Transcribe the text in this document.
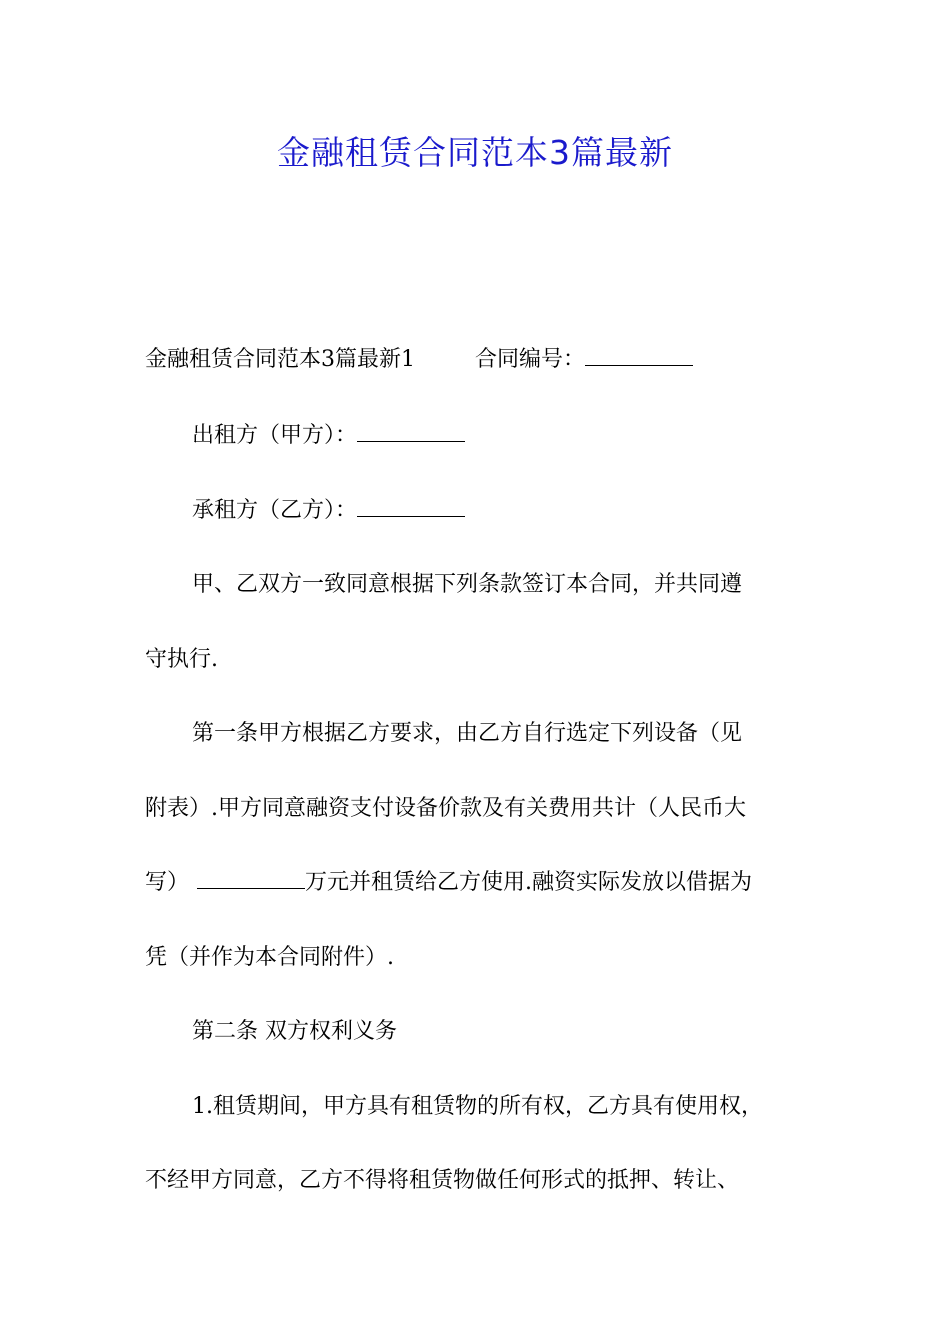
金融租赁合同范本3篇最新
金融租赁合同范本3篇最新1	合同编号：
出租方（甲方）：
承租方（乙方）：
甲、乙双方一致同意根据下列条款签订本合同，并共同遵
守执行.
第一条甲方根据乙方要求，由乙方自行选定下列设备（见
附表）.甲方同意融资支付设备价款及有关费用共计（人民币大
写）	万元并租赁给乙方使用.融资实际发放以借据为
凭（并作为本合同附件）.
第二条 双方权利义务
1.租赁期间，甲方具有租赁物的所有权，乙方具有使用权，
不经甲方同意，乙方不得将租赁物做任何形式的抵押、转让、
